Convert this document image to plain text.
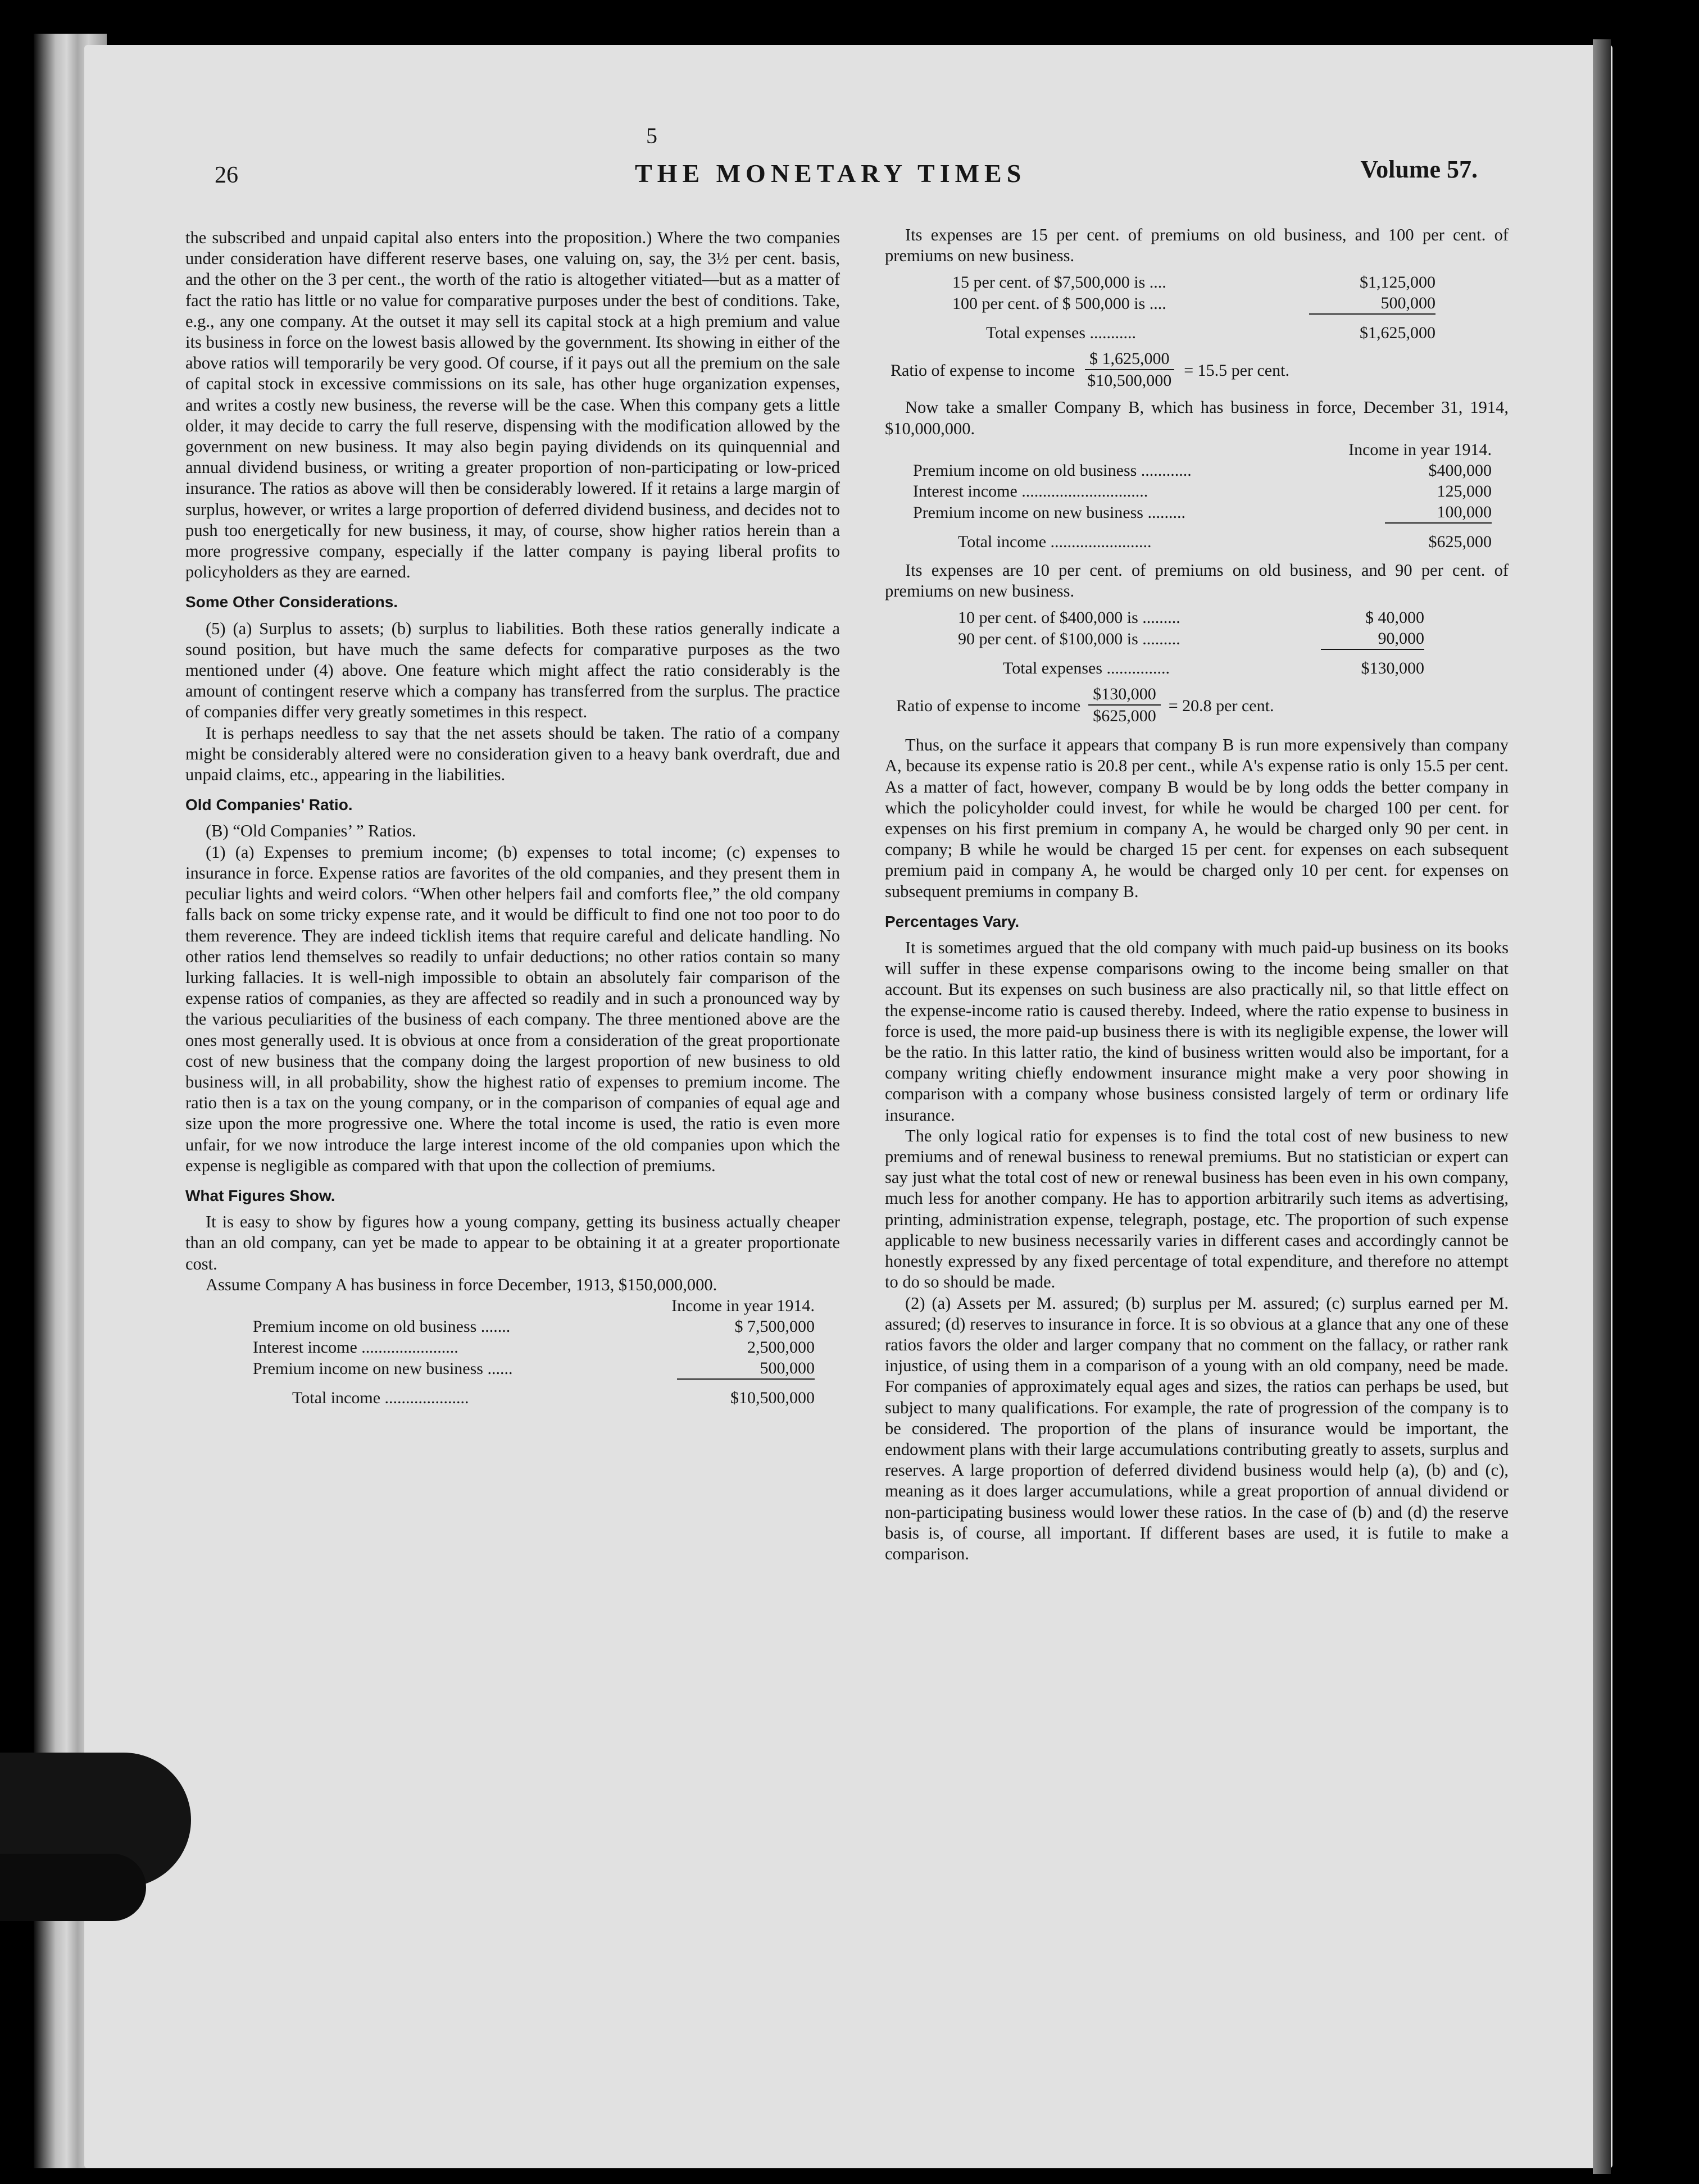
5
26	THE MONETARY TIMES	Volume 57.

the subscribed and unpaid capital also enters into the proposition.) Where the two companies under consideration have different reserve bases, one valuing on, say, the 3½ per cent. basis, and the other on the 3 per cent., the worth of the ratio is altogether vitiated—but as a matter of fact the ratio has little or no value for comparative purposes under the best of conditions. Take, e.g., any one company. At the outset it may sell its capital stock at a high premium and value its business in force on the lowest basis allowed by the government. Its showing in either of the above ratios will temporarily be very good. Of course, if it pays out all the premium on the sale of capital stock in excessive commissions on its sale, has other huge organization expenses, and writes a costly new business, the reverse will be the case. When this company gets a little older, it may decide to carry the full reserve, dispensing with the modification allowed by the government on new business. It may also begin paying dividends on its quinquennial and annual dividend business, or writing a greater proportion of non-participating or low-priced insurance. The ratios as above will then be considerably lowered. If it retains a large margin of surplus, however, or writes a large proportion of deferred dividend business, and decides not to push too energetically for new business, it may, of course, show higher ratios herein than a more progressive company, especially if the latter company is paying liberal profits to policyholders as they are earned.

Some Other Considerations.

(5) (a) Surplus to assets; (b) surplus to liabilities. Both these ratios generally indicate a sound position, but have much the same defects for comparative purposes as the two mentioned under (4) above. One feature which might affect the ratio considerably is the amount of contingent reserve which a company has transferred from the surplus. The practice of companies differ very greatly sometimes in this respect.

It is perhaps needless to say that the net assets should be taken. The ratio of a company might be considerably altered were no consideration given to a heavy bank overdraft, due and unpaid claims, etc., appearing in the liabilities.

Old Companies' Ratio.

(B) “Old Companies’ ” Ratios.

(1) (a) Expenses to premium income; (b) expenses to total income; (c) expenses to insurance in force. Expense ratios are favorites of the old companies, and they present them in peculiar lights and weird colors. “When other helpers fail and comforts flee,” the old company falls back on some tricky expense rate, and it would be difficult to find one not too poor to do them reverence. They are indeed ticklish items that require careful and delicate handling. No other ratios lend themselves so readily to unfair deductions; no other ratios contain so many lurking fallacies. It is well-nigh impossible to obtain an absolutely fair comparison of the expense ratios of companies, as they are affected so readily and in such a pronounced way by the various peculiarities of the business of each company. The three mentioned above are the ones most generally used. It is obvious at once from a consideration of the great proportionate cost of new business that the company doing the largest proportion of new business to old business will, in all probability, show the highest ratio of expenses to premium income. The ratio then is a tax on the young company, or in the comparison of companies of equal age and size upon the more progressive one. Where the total income is used, the ratio is even more unfair, for we now introduce the large interest income of the old companies upon which the expense is negligible as compared with that upon the collection of premiums.

What Figures Show.

It is easy to show by figures how a young company, getting its business actually cheaper than an old company, can yet be made to appear to be obtaining it at a greater proportionate cost.

Assume Company A has business in force December, 1913, $150,000,000.

Income in year 1914.
Premium income on old business .......	$ 7,500,000
Interest income .......................	2,500,000
Premium income on new business ......	500,000

Total income ....................	$10,500,000

Its expenses are 15 per cent. of premiums on old business, and 100 per cent. of premiums on new business.

15 per cent. of $7,500,000 is ....	$1,125,000
100 per cent. of $ 500,000 is ....	500,000

Total expenses ...........	$1,625,000
Ratio of expense to income $\frac{\$ 1,625,000}{\$10,500,000} = 15.5$ per cent.

Now take a smaller Company B, which has business in force, December 31, 1914, $10,000,000.

Income in year 1914.
Premium income on old business ............	$400,000
Interest income ..............................	125,000
Premium income on new business .........	100,000

Total income ........................	$625,000

Its expenses are 10 per cent. of premiums on old business, and 90 per cent. of premiums on new business.

10 per cent. of $400,000 is .........	$ 40,000
90 per cent. of $100,000 is .........	90,000

Total expenses ...............	$130,000
Ratio of expense to income $\frac{\$130,000}{\$625,000} = 20.8$ per cent.

Thus, on the surface it appears that company B is run more expensively than company A, because its expense ratio is 20.8 per cent., while A's expense ratio is only 15.5 per cent. As a matter of fact, however, company B would be by long odds the better company in which the policyholder could invest, for while he would be charged 100 per cent. for expenses on his first premium in company A, he would be charged only 90 per cent. in company; B while he would be charged 15 per cent. for expenses on each subsequent premium paid in company A, he would be charged only 10 per cent. for expenses on subsequent premiums in company B.

Percentages Vary.

It is sometimes argued that the old company with much paid-up business on its books will suffer in these expense comparisons owing to the income being smaller on that account. But its expenses on such business are also practically nil, so that little effect on the expense-income ratio is caused thereby. Indeed, where the ratio expense to business in force is used, the more paid-up business there is with its negligible expense, the lower will be the ratio. In this latter ratio, the kind of business written would also be important, for a company writing chiefly endowment insurance might make a very poor showing in comparison with a company whose business consisted largely of term or ordinary life insurance.

The only logical ratio for expenses is to find the total cost of new business to new premiums and of renewal business to renewal premiums. But no statistician or expert can say just what the total cost of new or renewal business has been even in his own company, much less for another company. He has to apportion arbitrarily such items as advertising, printing, administration expense, telegraph, postage, etc. The proportion of such expense applicable to new business necessarily varies in different cases and accordingly cannot be honestly expressed by any fixed percentage of total expenditure, and therefore no attempt to do so should be made.

(2) (a) Assets per M. assured; (b) surplus per M. assured; (c) surplus earned per M. assured; (d) reserves to insurance in force. It is so obvious at a glance that any one of these ratios favors the older and larger company that no comment on the fallacy, or rather rank injustice, of using them in a comparison of a young with an old company, need be made. For companies of approximately equal ages and sizes, the ratios can perhaps be used, but subject to many qualifications. For example, the rate of progression of the company is to be considered. The proportion of the plans of insurance would be important, the endowment plans with their large accumulations contributing greatly to assets, surplus and reserves. A large proportion of deferred dividend business would help (a), (b) and (c), meaning as it does larger accumulations, while a great proportion of annual dividend or non-participating business would lower these ratios. In the case of (b) and (d) the reserve basis is, of course, all important. If different bases are used, it is futile to make a comparison.
